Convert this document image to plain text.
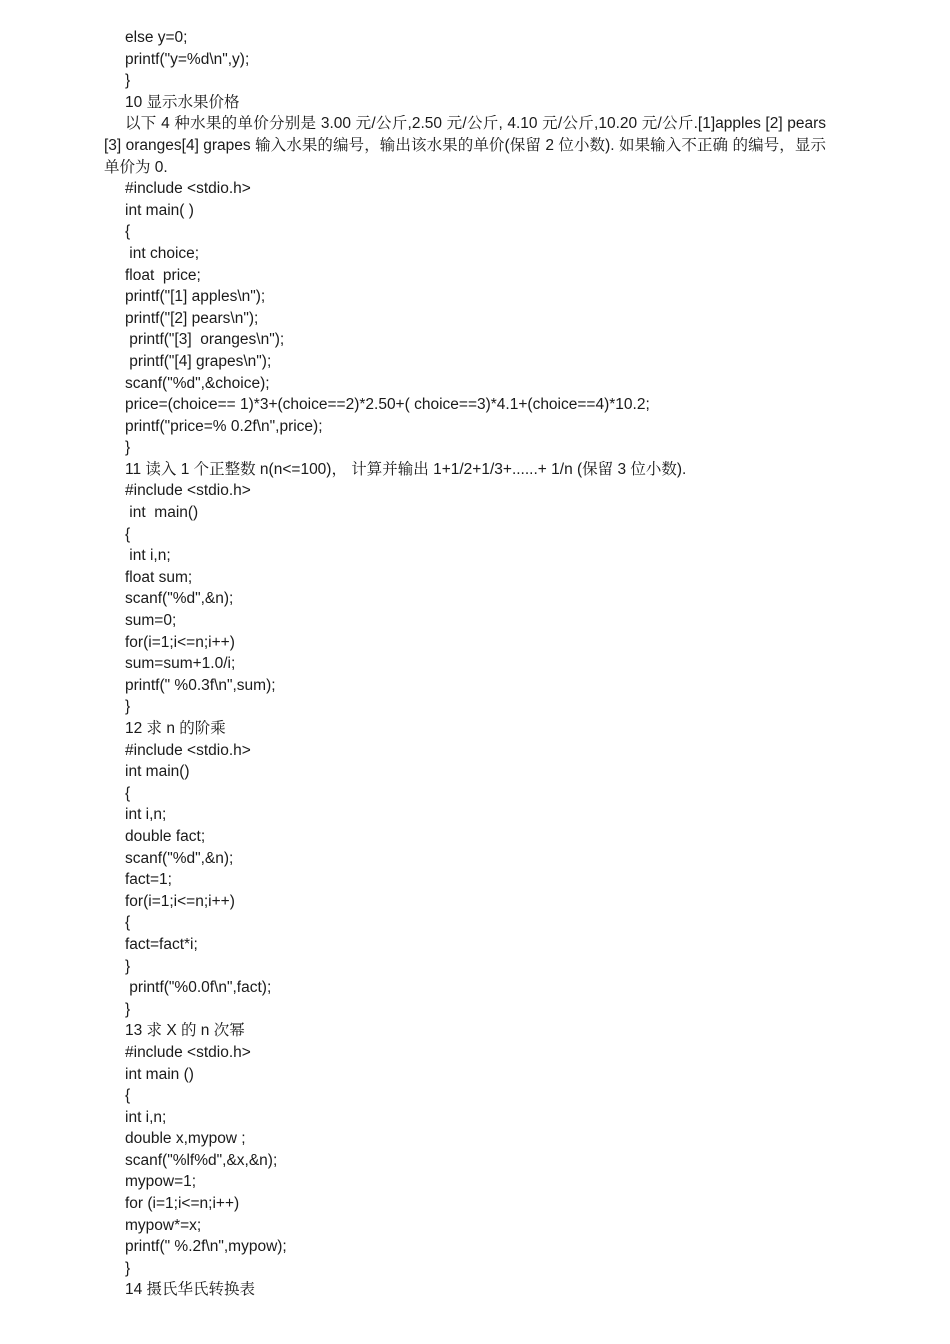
else y=0;
printf("y=%d\n",y);
}
10 显示水果价格
以下 4 种水果的单价分别是 3.00 元/公斤,2.50 元/公斤, 4.10 元/公斤,10.20 元/公斤.[1]apples [2] pears [3] oranges[4] grapes 输入水果的编号，输出该水果的单价(保留 2 位小数). 如果输入不正确 的编号，显示单价为 0.
#include <stdio.h>
int main( )
{
int choice;
float  price;
printf("[1] apples\n");
printf("[2] pears\n");
printf("[3]  oranges\n");
printf("[4] grapes\n");
scanf("%d",&choice);
price=(choice== 1)*3+(choice==2)*2.50+( choice==3)*4.1+(choice==4)*10.2;
printf("price=% 0.2f\n",price);
}
11 读入 1 个正整数 n(n<=100)， 计算并输出 1+1/2+1/3+......+ 1/n (保留 3 位小数).
#include <stdio.h>
int  main()
{
int i,n;
float sum;
scanf("%d",&n);
sum=0;
for(i=1;i<=n;i++)
sum=sum+1.0/i;
printf(" %0.3f\n",sum);
}
12 求 n 的阶乘
#include <stdio.h>
int main()
{
int i,n;
double fact;
scanf("%d",&n);
fact=1;
for(i=1;i<=n;i++)
{
fact=fact*i;
}
printf("%0.0f\n",fact);
}
13 求 X 的 n 次幂
#include <stdio.h>
int main ()
{
int i,n;
double x,mypow ;
scanf("%lf%d",&x,&n);
mypow=1;
for (i=1;i<=n;i++)
mypow*=x;
printf(" %.2f\n",mypow);
}
14 摄氏华氏转换表
